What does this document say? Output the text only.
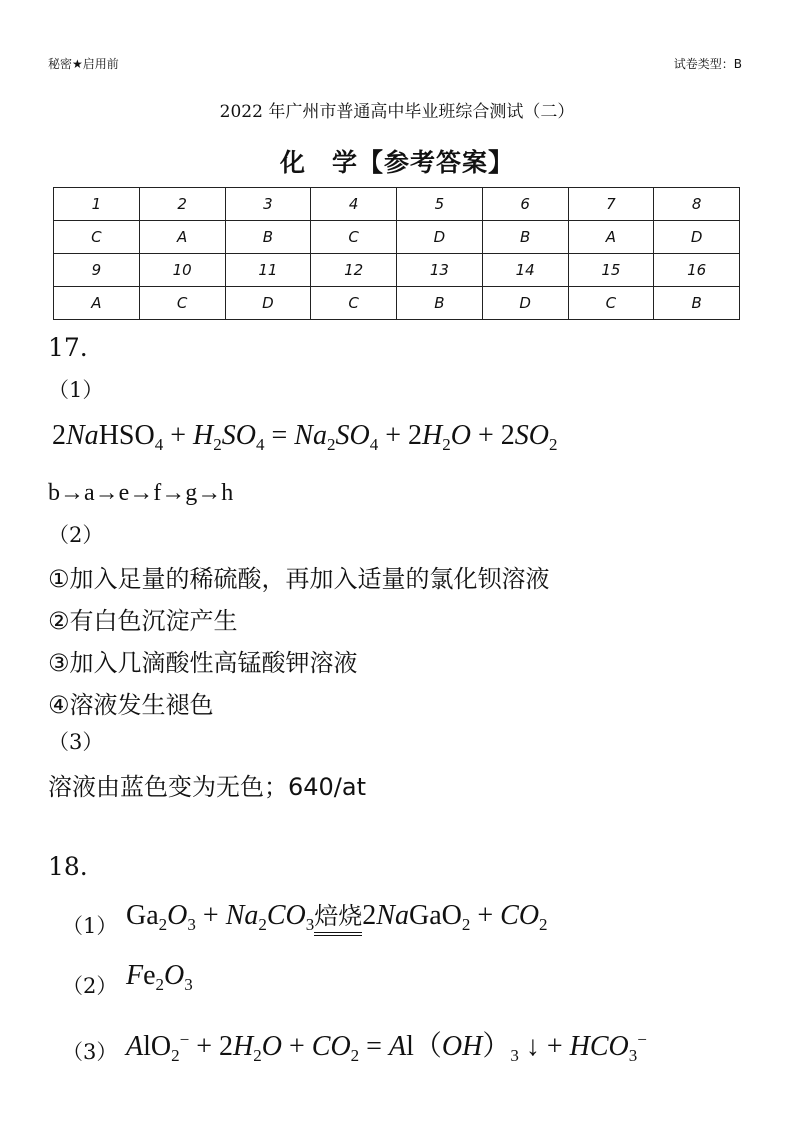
秘密★启用前	试卷类型：B
2022 年广州市普通高中毕业班综合测试（二）
化　学【参考答案】
1	2	3	4	5	6	7	8
C	A	B	C	D	B	A	D
9	10	11	12	13	14	15	16
A	C	D	C	B	D	C	B
17.
（1）
2NaHSO$_4$ + $H_2SO_4 = Na_2SO_4 + 2H_2O + 2SO_2$
b→a→e→f→g→h
（2）
①加入足量的稀硫酸，再加入适量的氯化钡溶液
②有白色沉淀产生
③加入几滴酸性高锰酸钾溶液
④溶液发生褪色
（3）
溶液由蓝色变为无色；640/at
18.
（1） $Ga_2O_3 + Na_2CO_3$焙烧2NaGaO$_2$ + $CO_2$
（2） $Fe_2O_3$
（3） $AlO_2^- + 2H_2O + CO_2 = Al(OH)_3$ ↓ + $HCO_3^-$
